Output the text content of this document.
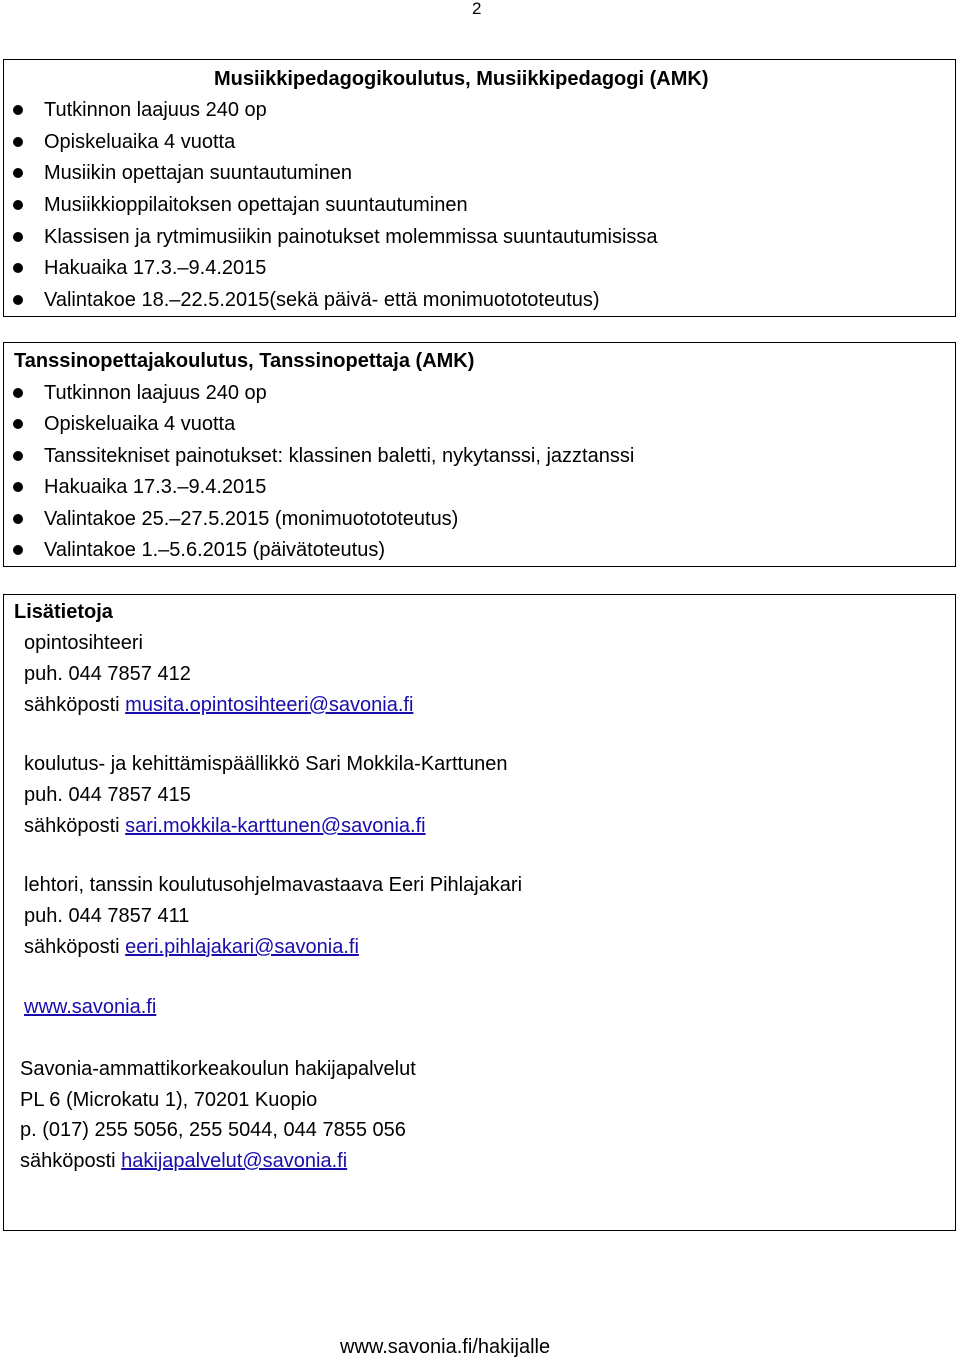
2
Musiikkipedagogikoulutus, Musiikkipedagogi (AMK)
Tutkinnon laajuus 240 op
Opiskeluaika 4 vuotta
Musiikin opettajan suuntautuminen
Musiikkioppilaitoksen opettajan suuntautuminen
Klassisen ja rytmimusiikin painotukset molemmissa suuntautumisissa
Hakuaika 17.3.–9.4.2015
Valintakoe 18.–22.5.2015(sekä päivä- että monimuotototeutus)
Tanssinopettajakoulutus, Tanssinopettaja (AMK)
Tutkinnon laajuus 240 op
Opiskeluaika 4 vuotta
Tanssitekniset painotukset: klassinen baletti, nykytanssi, jazztanssi
Hakuaika 17.3.–9.4.2015
Valintakoe 25.–27.5.2015 (monimuotototeutus)
Valintakoe 1.–5.6.2015 (päivätoteutus)
Lisätietoja
opintosihteeri
puh. 044 7857 412
sähköposti musita.opintosihteeri@savonia.fi
koulutus- ja kehittämispäällikkö Sari Mokkila-Karttunen
puh. 044 7857 415
sähköposti sari.mokkila-karttunen@savonia.fi
lehtori, tanssin koulutusohjelmavastaava Eeri Pihlajakari
puh. 044 7857 411
sähköposti eeri.pihlajakari@savonia.fi
www.savonia.fi
Savonia-ammattikorkeakoulun hakijapalvelut
PL 6 (Microkatu 1), 70201 Kuopio
p. (017) 255 5056, 255 5044, 044 7855 056
sähköposti hakijapalvelut@savonia.fi
www.savonia.fi/hakijalle
